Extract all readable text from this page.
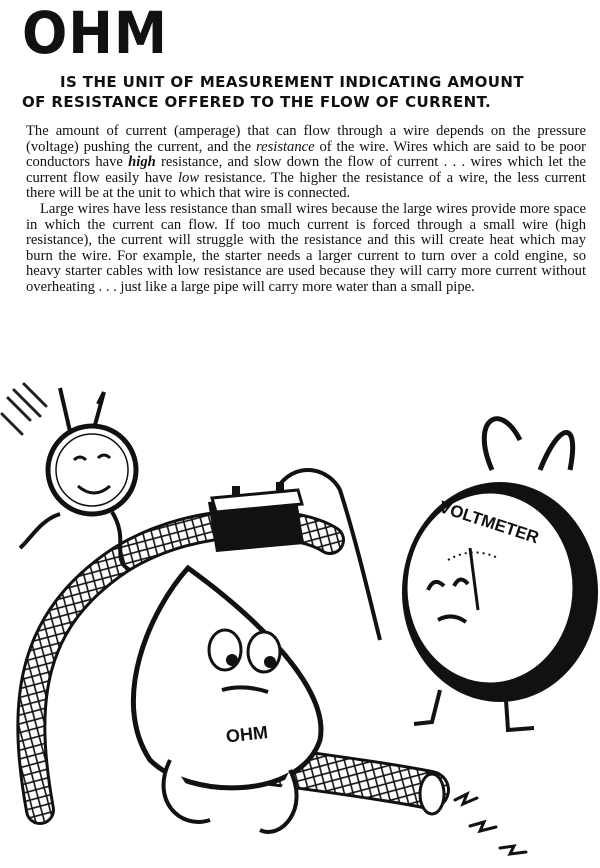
OHM
IS THE UNIT OF MEASUREMENT INDICATING AMOUNT
OF RESISTANCE OFFERED TO THE FLOW OF CURRENT.

The amount of current (amperage) that can flow through a wire depends on the pressure (voltage) pushing the current, and the resistance of the wire. Wires which are said to be poor conductors have high resistance, and slow down the flow of current . . . wires which let the current flow easily have low resistance. The higher the resistance of a wire, the less current there will be at the unit to which that wire is connected.

Large wires have less resistance than small wires because the large wires provide more space in which the current can flow. If too much current is forced through a small wire (high resistance), the current will struggle with the resistance and this will create heat which may burn the wire. For example, the starter needs a larger current to turn over a cold engine, so heavy starter cables with low resistance are used because they will carry more current without overheating . . . just like a large pipe will carry more water than a small pipe.

VOLTMETER
OHM
